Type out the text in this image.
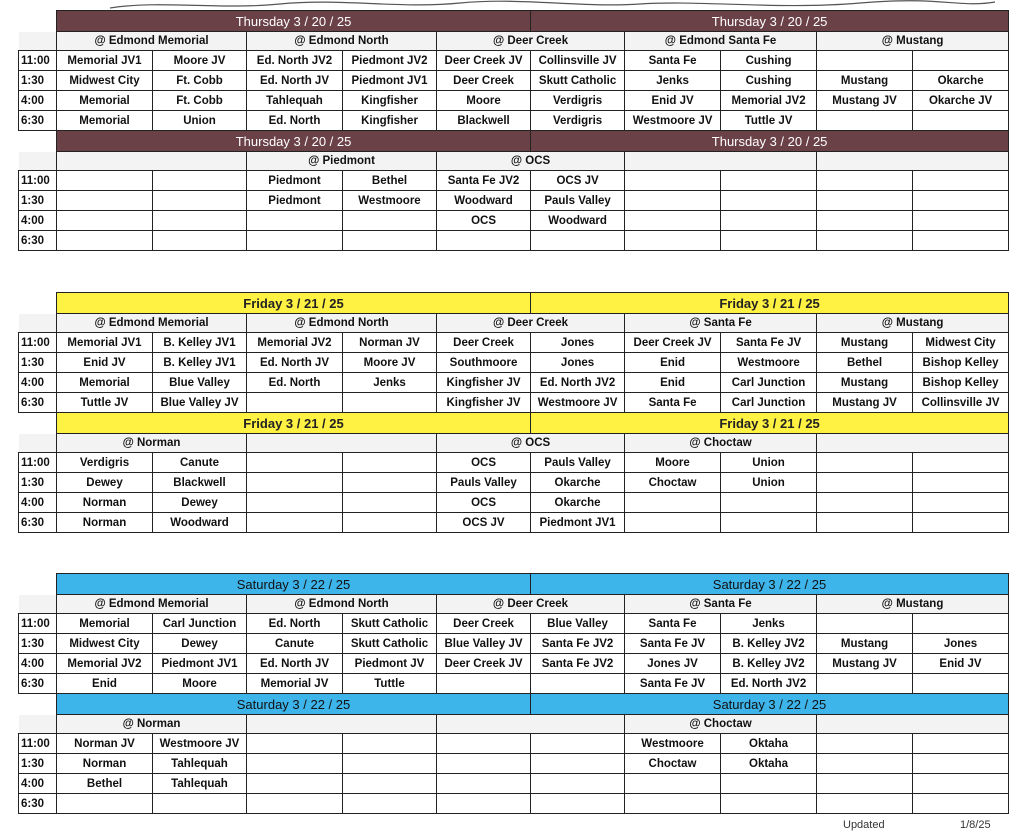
	Thursday 3 / 20 / 25					Thursday 3 / 20 / 25				
	@ Edmond Memorial		@ Edmond North		@ Deer Creek		@ Edmond Santa Fe		@ Mustang	
11:00	Memorial JV1	Moore JV	Ed. North JV2	Piedmont JV2	Deer Creek JV	Collinsville JV	Santa Fe	Cushing		
1:30	Midwest City	Ft. Cobb	Ed. North JV	Piedmont JV1	Deer Creek	Skutt Catholic	Jenks	Cushing	Mustang	Okarche
4:00	Memorial	Ft. Cobb	Tahlequah	Kingfisher	Moore	Verdigris	Enid JV	Memorial JV2	Mustang JV	Okarche JV
6:30	Memorial	Union	Ed. North	Kingfisher	Blackwell	Verdigris	Westmoore JV	Tuttle JV		
	Thursday 3 / 20 / 25					Thursday 3 / 20 / 25				
			@ Piedmont		@ OCS					
11:00			Piedmont	Bethel	Santa Fe JV2	OCS JV				
1:30			Piedmont	Westmoore	Woodward	Pauls Valley				
4:00					OCS	Woodward				
6:30										
	Friday 3 / 21 / 25					Friday 3 / 21 / 25				
	@ Edmond Memorial		@ Edmond North		@ Deer Creek		@ Santa Fe		@ Mustang	
11:00	Memorial JV1	B. Kelley JV1	Memorial JV2	Norman JV	Deer Creek	Jones	Deer Creek JV	Santa Fe JV	Mustang	Midwest City
1:30	Enid JV	B. Kelley JV1	Ed. North JV	Moore JV	Southmoore	Jones	Enid	Westmoore	Bethel	Bishop Kelley
4:00	Memorial	Blue Valley	Ed. North	Jenks	Kingfisher JV	Ed. North JV2	Enid	Carl Junction	Mustang	Bishop Kelley
6:30	Tuttle JV	Blue Valley JV			Kingfisher JV	Westmoore JV	Santa Fe	Carl Junction	Mustang JV	Collinsville JV
	Friday 3 / 21 / 25					Friday 3 / 21 / 25				
	@ Norman				@ OCS		@ Choctaw			
11:00	Verdigris	Canute			OCS	Pauls Valley	Moore	Union		
1:30	Dewey	Blackwell			Pauls Valley	Okarche	Choctaw	Union		
4:00	Norman	Dewey			OCS	Okarche				
6:30	Norman	Woodward			OCS JV	Piedmont JV1				
	Saturday 3 / 22 / 25					Saturday 3 / 22 / 25				
	@ Edmond Memorial		@ Edmond North		@ Deer Creek		@ Santa Fe		@ Mustang	
11:00	Memorial	Carl Junction	Ed. North	Skutt Catholic	Deer Creek	Blue Valley	Santa Fe	Jenks		
1:30	Midwest City	Dewey	Canute	Skutt Catholic	Blue Valley JV	Santa Fe JV2	Santa Fe JV	B. Kelley JV2	Mustang	Jones
4:00	Memorial JV2	Piedmont JV1	Ed. North JV	Piedmont JV	Deer Creek JV	Santa Fe JV2	Jones JV	B. Kelley JV2	Mustang JV	Enid JV
6:30	Enid	Moore	Memorial JV	Tuttle			Santa Fe JV	Ed. North JV2		
	Saturday 3 / 22 / 25					Saturday 3 / 22 / 25				
	@ Norman						@ Choctaw			
11:00	Norman JV	Westmoore JV					Westmoore	Oktaha		
1:30	Norman	Tahlequah					Choctaw	Oktaha		
4:00	Bethel	Tahlequah								
6:30										
Updated	1/8/25
